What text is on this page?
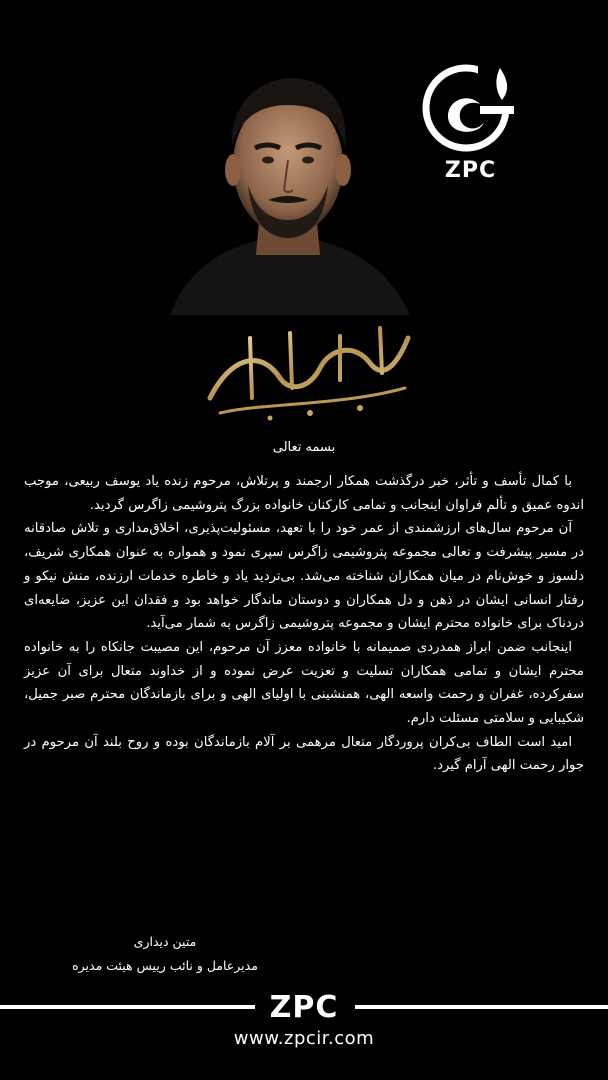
ZPC
بسمه تعالی

با کمال تأسف و تأثر، خبر درگذشت همکار ارجمند و پرتلاش، مرحوم زنده یاد یوسف ربیعی، موجب اندوه عمیق و تألم فراوان اینجانب و تمامی کارکنان خانواده بزرگ پتروشیمی زاگرس گردید.

آن مرحوم سال‌های ارزشمندی از عمر خود را با تعهد، مسئولیت‌پذیری، اخلاق‌مداری و تلاش صادقانه در مسیر پیشرفت و تعالی مجموعه پتروشیمی زاگرس سپری نمود و همواره به عنوان همکاری شریف، دلسوز و خوش‌نام در میان همکاران شناخته می‌شد. بی‌تردید یاد و خاطره خدمات ارزنده، منش نیکو و رفتار انسانی ایشان در ذهن و دل همکاران و دوستان ماندگار خواهد بود و فقدان این عزیز، ضایعه‌ای دردناک برای خانواده محترم ایشان و مجموعه پتروشیمی زاگرس به شمار می‌آید.

اینجانب ضمن ابراز همدردی صمیمانه با خانواده معزز آن مرحوم، این مصیبت جانکاه را به خانواده محترم ایشان و تمامی همکاران تسلیت و تعزیت عرض نموده و از خداوند متعال برای آن عزیز سفرکرده، غفران و رحمت واسعه الهی، همنشینی با اولیای الهی و برای بازماندگان محترم صبر جمیل، شکیبایی و سلامتی مسئلت دارم.

امید است الطاف بی‌کران پروردگار متعال مرهمی بر آلام بازماندگان بوده و روح بلند آن مرحوم در جوار رحمت الهی آرام گیرد.

متین دیداری
مدیرعامل و نائب رییس هیئت مدیره
ZPC
www.zpcir.com
